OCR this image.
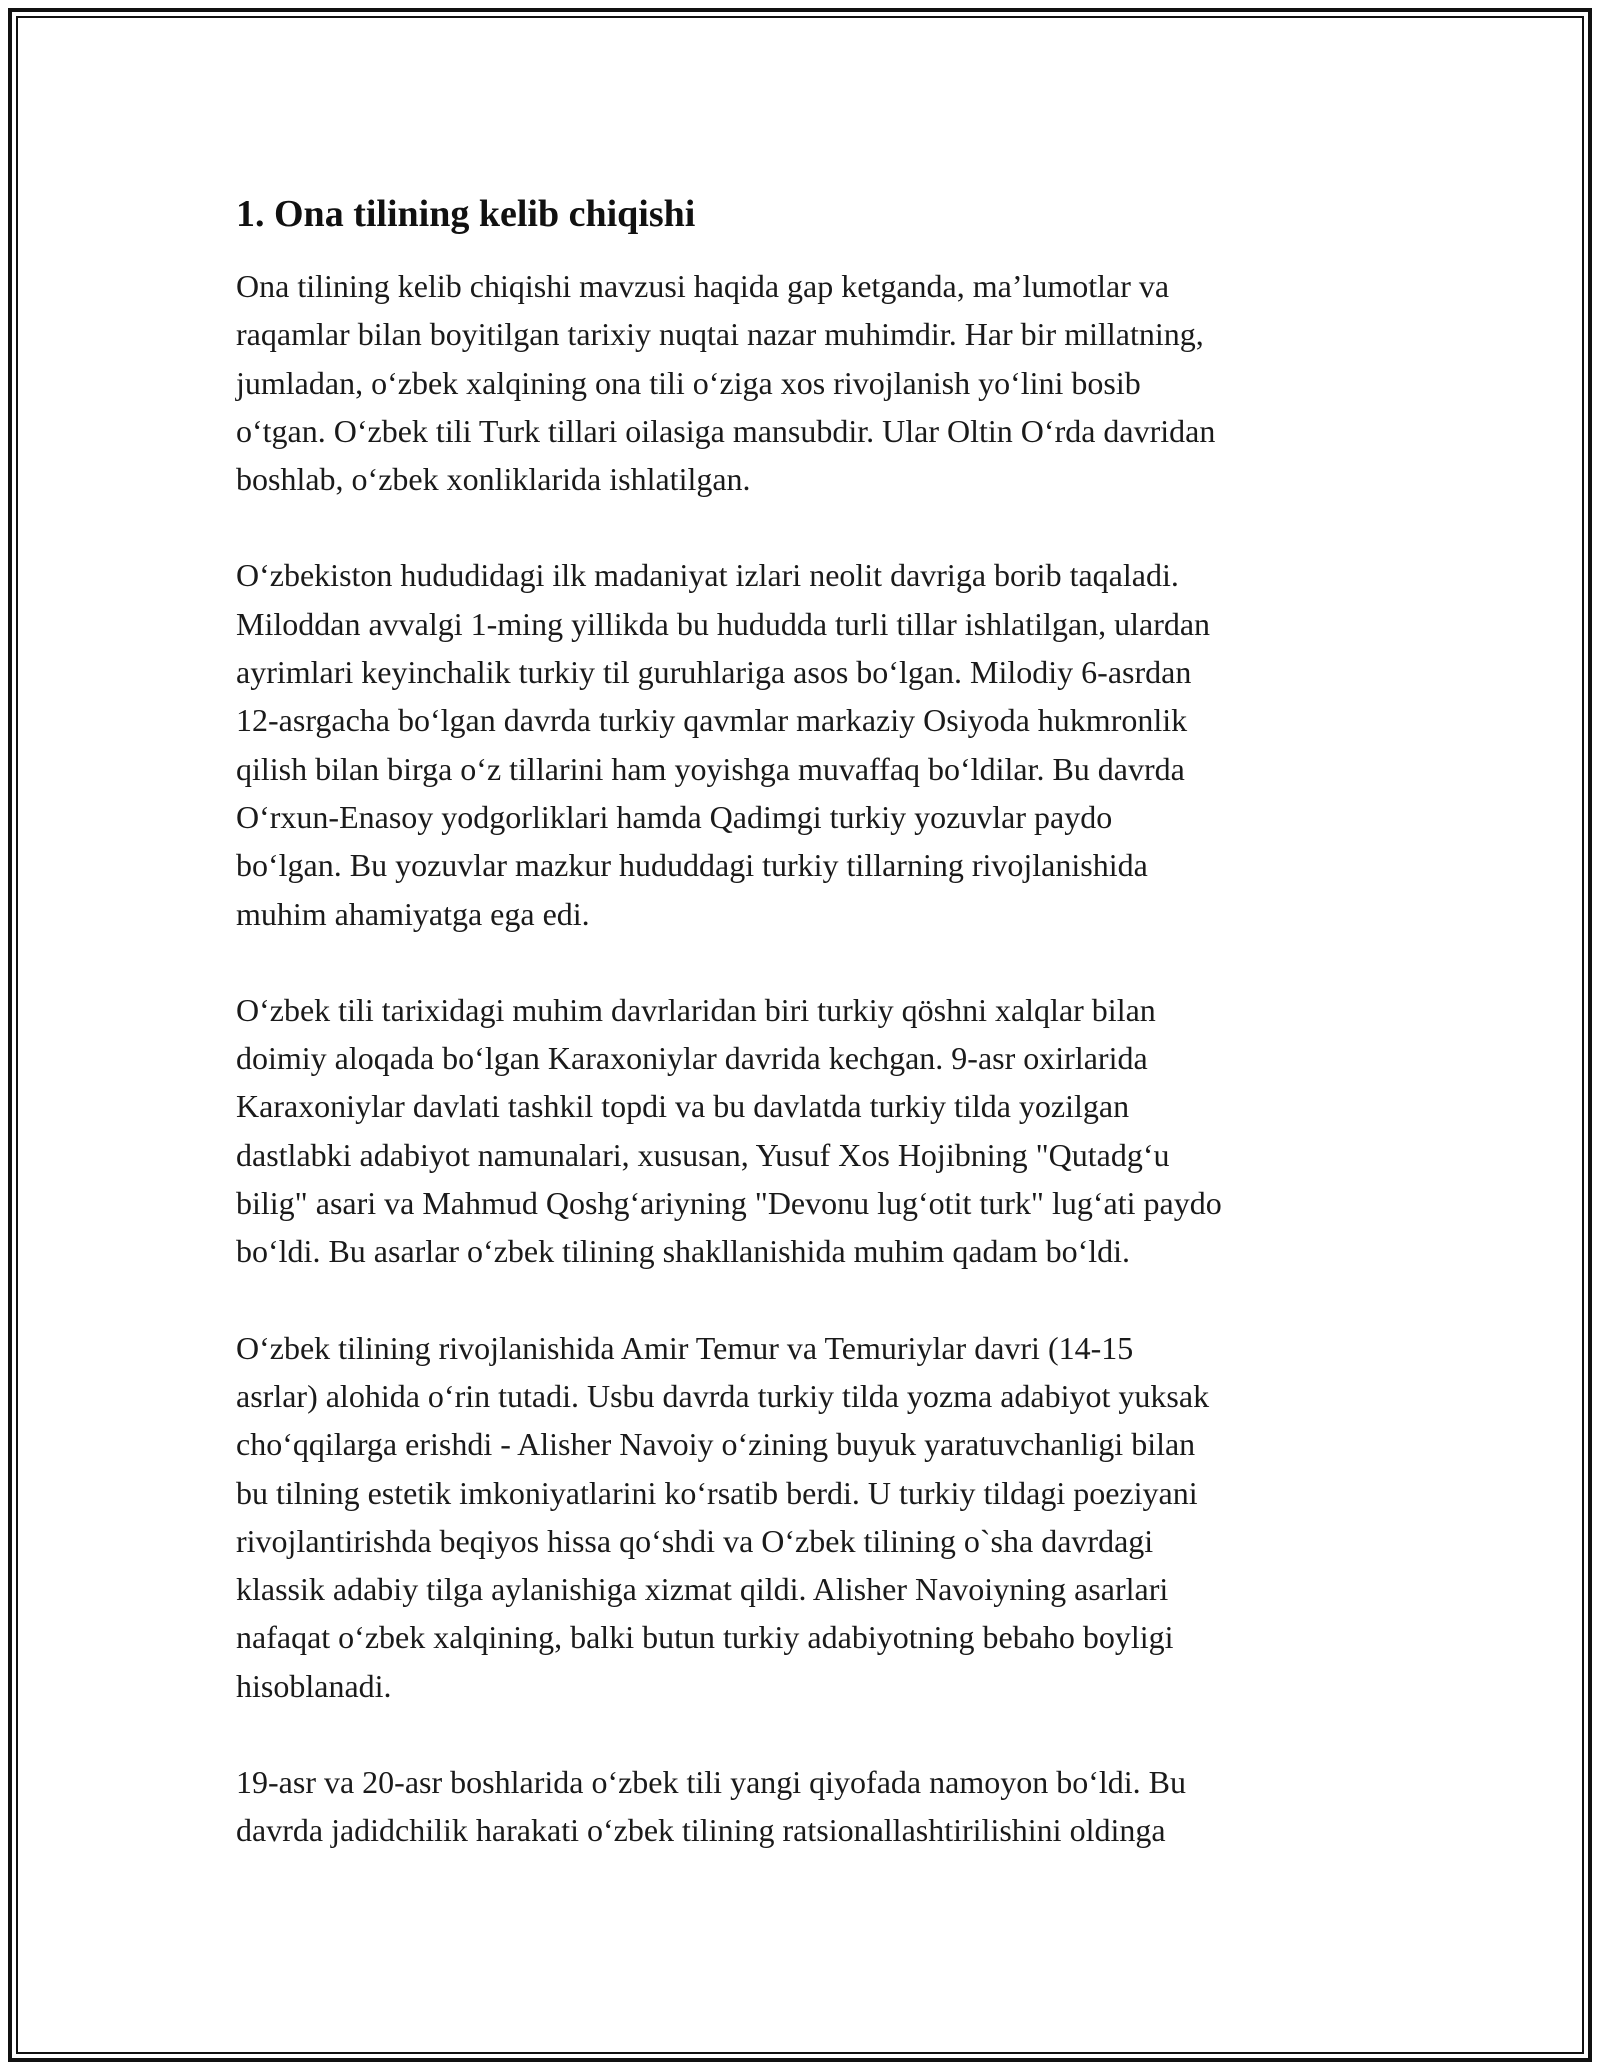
1. Ona tilining kelib chiqishi

Ona tilining kelib chiqishi mavzusi haqida gap ketganda, ma’lumotlar va
raqamlar bilan boyitilgan tarixiy nuqtai nazar muhimdir. Har bir millatning,
jumladan, o‘zbek xalqining ona tili o‘ziga xos rivojlanish yo‘lini bosib
o‘tgan. O‘zbek tili Turk tillari oilasiga mansubdir. Ular Oltin O‘rda davridan
boshlab, o‘zbek xonliklarida ishlatilgan.

O‘zbekiston hududidagi ilk madaniyat izlari neolit davriga borib taqaladi.
Miloddan avvalgi 1-ming yillikda bu hududda turli tillar ishlatilgan, ulardan
ayrimlari keyinchalik turkiy til guruhlariga asos bo‘lgan. Milodiy 6-asrdan
12-asrgacha bo‘lgan davrda turkiy qavmlar markaziy Osiyoda hukmronlik
qilish bilan birga o‘z tillarini ham yoyishga muvaffaq bo‘ldilar. Bu davrda
O‘rxun-Enasoy yodgorliklari hamda Qadimgi turkiy yozuvlar paydo
bo‘lgan. Bu yozuvlar mazkur hududdagi turkiy tillarning rivojlanishida
muhim ahamiyatga ega edi.

O‘zbek tili tarixidagi muhim davrlaridan biri turkiy qöshni xalqlar bilan
doimiy aloqada bo‘lgan Karaxoniylar davrida kechgan. 9-asr oxirlarida
Karaxoniylar davlati tashkil topdi va bu davlatda turkiy tilda yozilgan
dastlabki adabiyot namunalari, xususan, Yusuf Xos Hojibning "Qutadg‘u
bilig" asari va Mahmud Qoshg‘ariyning "Devonu lug‘otit turk" lug‘ati paydo
bo‘ldi. Bu asarlar o‘zbek tilining shakllanishida muhim qadam bo‘ldi.

O‘zbek tilining rivojlanishida Amir Temur va Temuriylar davri (14-15
asrlar) alohida o‘rin tutadi. Usbu davrda turkiy tilda yozma adabiyot yuksak
cho‘qqilarga erishdi - Alisher Navoiy o‘zining buyuk yaratuvchanligi bilan
bu tilning estetik imkoniyatlarini ko‘rsatib berdi. U turkiy tildagi poeziyani
rivojlantirishda beqiyos hissa qo‘shdi va O‘zbek tilining o`sha davrdagi
klassik adabiy tilga aylanishiga xizmat qildi. Alisher Navoiyning asarlari
nafaqat o‘zbek xalqining, balki butun turkiy adabiyotning bebaho boyligi
hisoblanadi.

19-asr va 20-asr boshlarida o‘zbek tili yangi qiyofada namoyon bo‘ldi. Bu
davrda jadidchilik harakati o‘zbek tilining ratsionallashtirilishini oldinga
